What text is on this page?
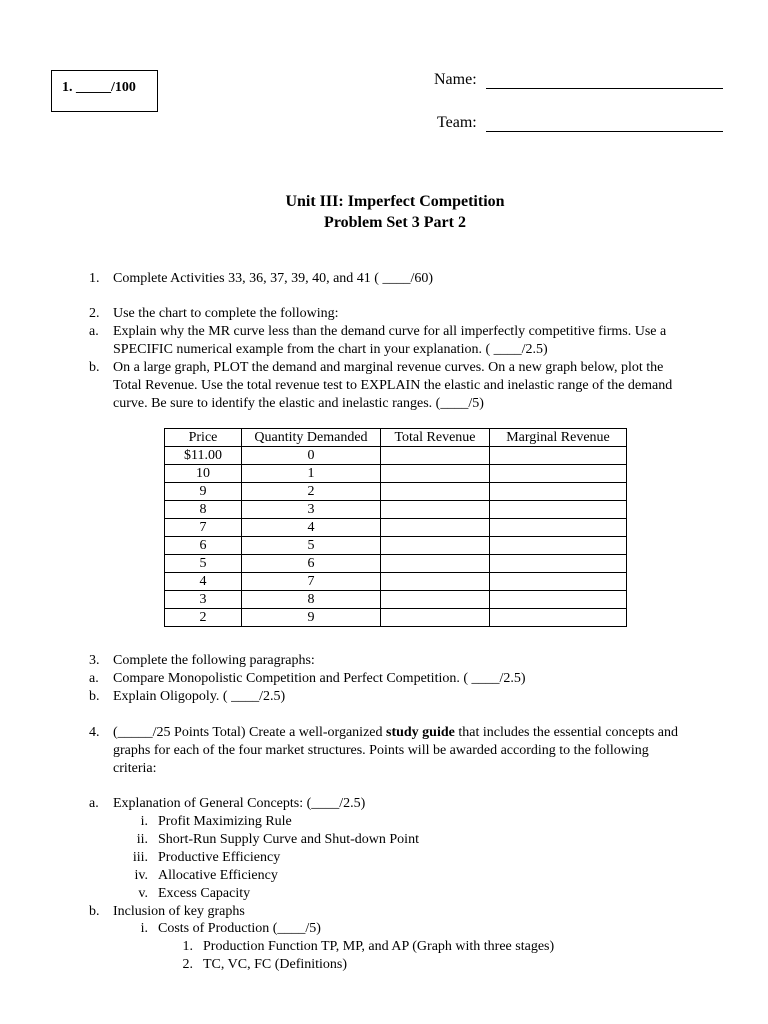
1. _____/100	Name:
Team:
Unit III: Imperfect Competition
Problem Set 3 Part 2
1. Complete Activities 33, 36, 37, 39, 40, and 41 ( ____/60)
2. Use the chart to complete the following:
a. Explain why the MR curve less than the demand curve for all imperfectly competitive firms. Use a
SPECIFIC numerical example from the chart in your explanation. ( ____/2.5)
b. On a large graph, PLOT the demand and marginal revenue curves. On a new graph below, plot the
Total Revenue. Use the total revenue test to EXPLAIN the elastic and inelastic range of the demand
curve. Be sure to identify the elastic and inelastic ranges. (____/5)
Price	Quantity Demanded	Total Revenue	Marginal Revenue
$11.00	0		
10	1		
9	2		
8	3		
7	4		
6	5		
5	6		
4	7		
3	8		
2	9		
3. Complete the following paragraphs:
a. Compare Monopolistic Competition and Perfect Competition. ( ____/2.5)
b. Explain Oligopoly. ( ____/2.5)
4. (_____/25 Points Total) Create a well-organized study guide that includes the essential concepts and
graphs for each of the four market structures. Points will be awarded according to the following
criteria:
a. Explanation of General Concepts: (____/2.5)
i. Profit Maximizing Rule
ii. Short-Run Supply Curve and Shut-down Point
iii. Productive Efficiency
iv. Allocative Efficiency
v. Excess Capacity
b. Inclusion of key graphs
i. Costs of Production (____/5)
1. Production Function TP, MP, and AP (Graph with three stages)
2. TC, VC, FC (Definitions)
